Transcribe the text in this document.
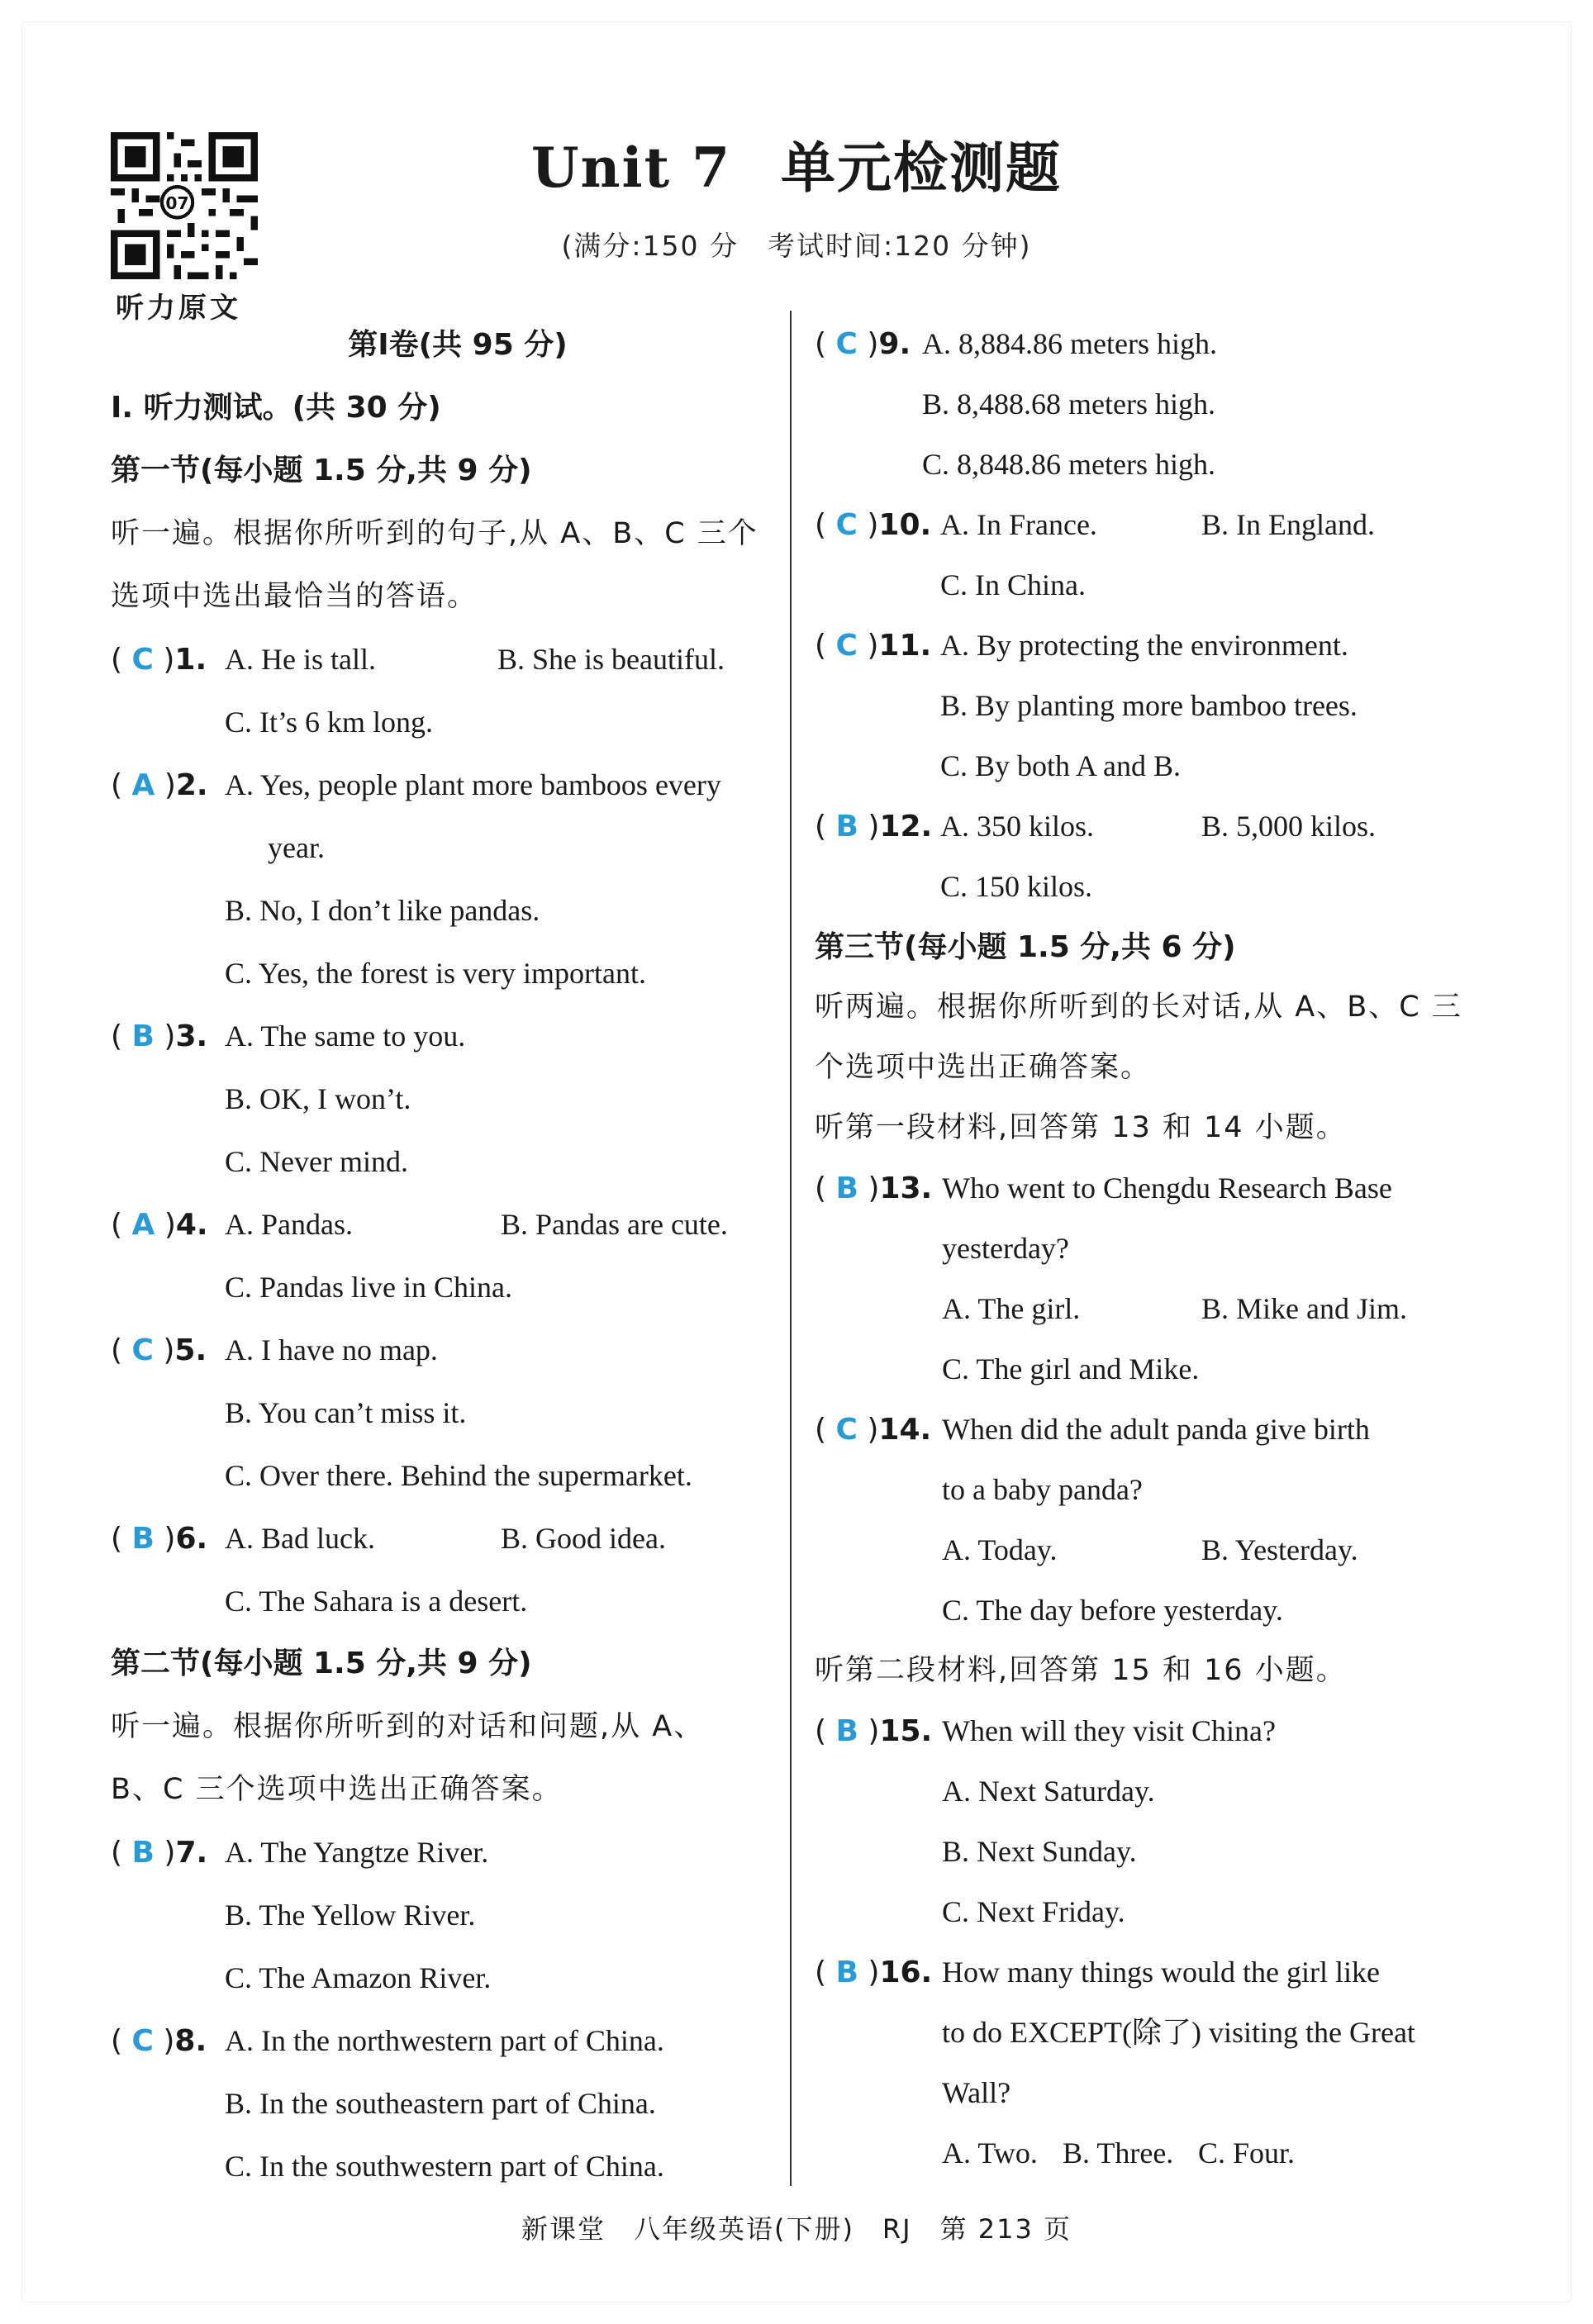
07
听力原文
Unit 7 单元检测题
(满分:150 分　考试时间:120 分钟)
第Ⅰ卷(共 95 分)
Ⅰ. 听力测试。(共 30 分)
第一节(每小题 1.5 分,共 9 分)
听一遍。根据你所听到的句子,从 A、B、C 三个
选项中选出最恰当的答语。
( C )1. A. He is tall.	B. She is beautiful.
C. It’s 6 km long.
( A )2. A. Yes, people plant more bamboos every
year.
B. No, I don’t like pandas.
C. Yes, the forest is very important.
( B )3. A. The same to you.
B. OK, I won’t.
C. Never mind.
( A )4. A. Pandas.	B. Pandas are cute.
C. Pandas live in China.
( C )5. A. I have no map.
B. You can’t miss it.
C. Over there. Behind the supermarket.
( B )6. A. Bad luck.	B. Good idea.
C. The Sahara is a desert.
第二节(每小题 1.5 分,共 9 分)
听一遍。根据你所听到的对话和问题,从 A、
B、C 三个选项中选出正确答案。
( B )7. A. The Yangtze River.
B. The Yellow River.
C. The Amazon River.
( C )8. A. In the northwestern part of China.
B. In the southeastern part of China.
C. In the southwestern part of China.
( C )9. A. 8,884.86 meters high.
B. 8,488.68 meters high.
C. 8,848.86 meters high.
( C )10. A. In France.	B. In England.
C. In China.
( C )11. A. By protecting the environment.
B. By planting more bamboo trees.
C. By both A and B.
( B )12. A. 350 kilos.	B. 5,000 kilos.
C. 150 kilos.
第三节(每小题 1.5 分,共 6 分)
听两遍。根据你所听到的长对话,从 A、B、C 三
个选项中选出正确答案。
听第一段材料,回答第 13 和 14 小题。
( B )13. Who went to Chengdu Research Base
yesterday?
A. The girl.	B. Mike and Jim.
C. The girl and Mike.
( C )14. When did the adult panda give birth
to a baby panda?
A. Today.	B. Yesterday.
C. The day before yesterday.
听第二段材料,回答第 15 和 16 小题。
( B )15. When will they visit China?
A. Next Saturday.
B. Next Sunday.
C. Next Friday.
( B )16. How many things would the girl like
to do EXCEPT(除了) visiting the Great
Wall?
A. Two. B. Three. C. Four.
新课堂　八年级英语(下册)　RJ　第 213 页
